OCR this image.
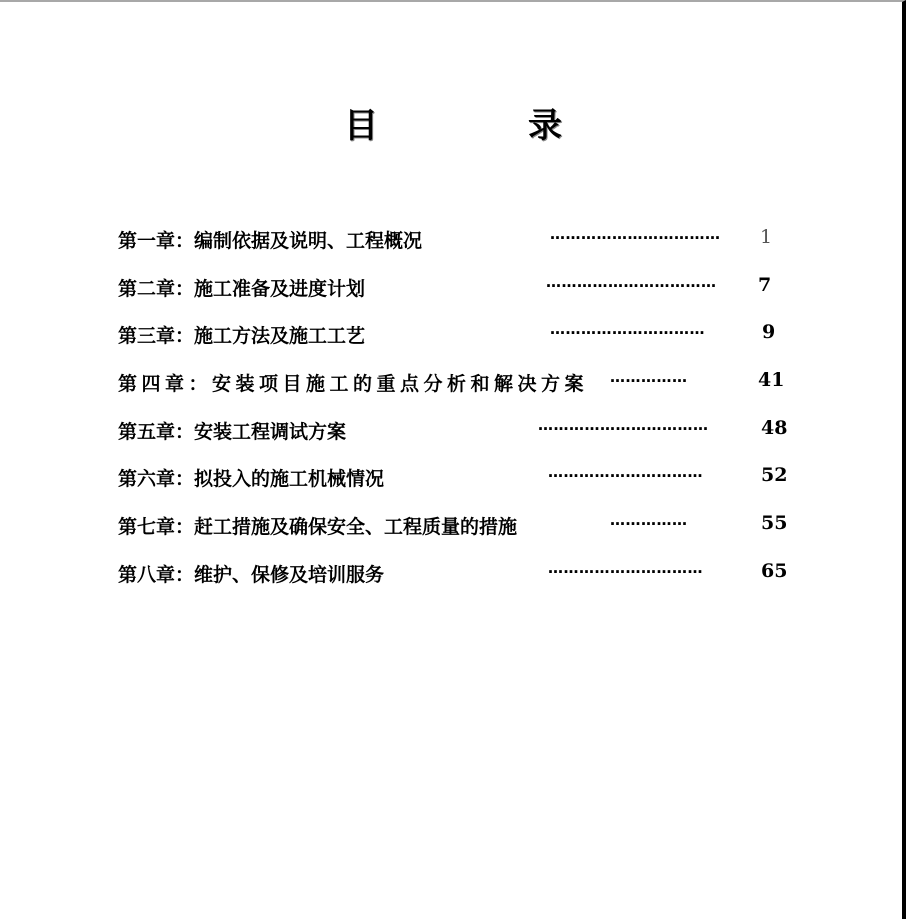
目　录
第一章：编制依据及说明、工程概况	…………………………… 1
第二章：施工准备及进度计划	…………………………… 7
第三章：施工方法及施工工艺	…………………………	9
第四章：安装项目施工的重点分析和解决方案 ……………	41
第五章：安装工程调试方案	……………………………	48
第六章：拟投入的施工机械情况	…………………………	52
第七章：赶工措施及确保安全、工程质量的措施	……………	55
第八章：维护、保修及培训服务	…………………………	65
